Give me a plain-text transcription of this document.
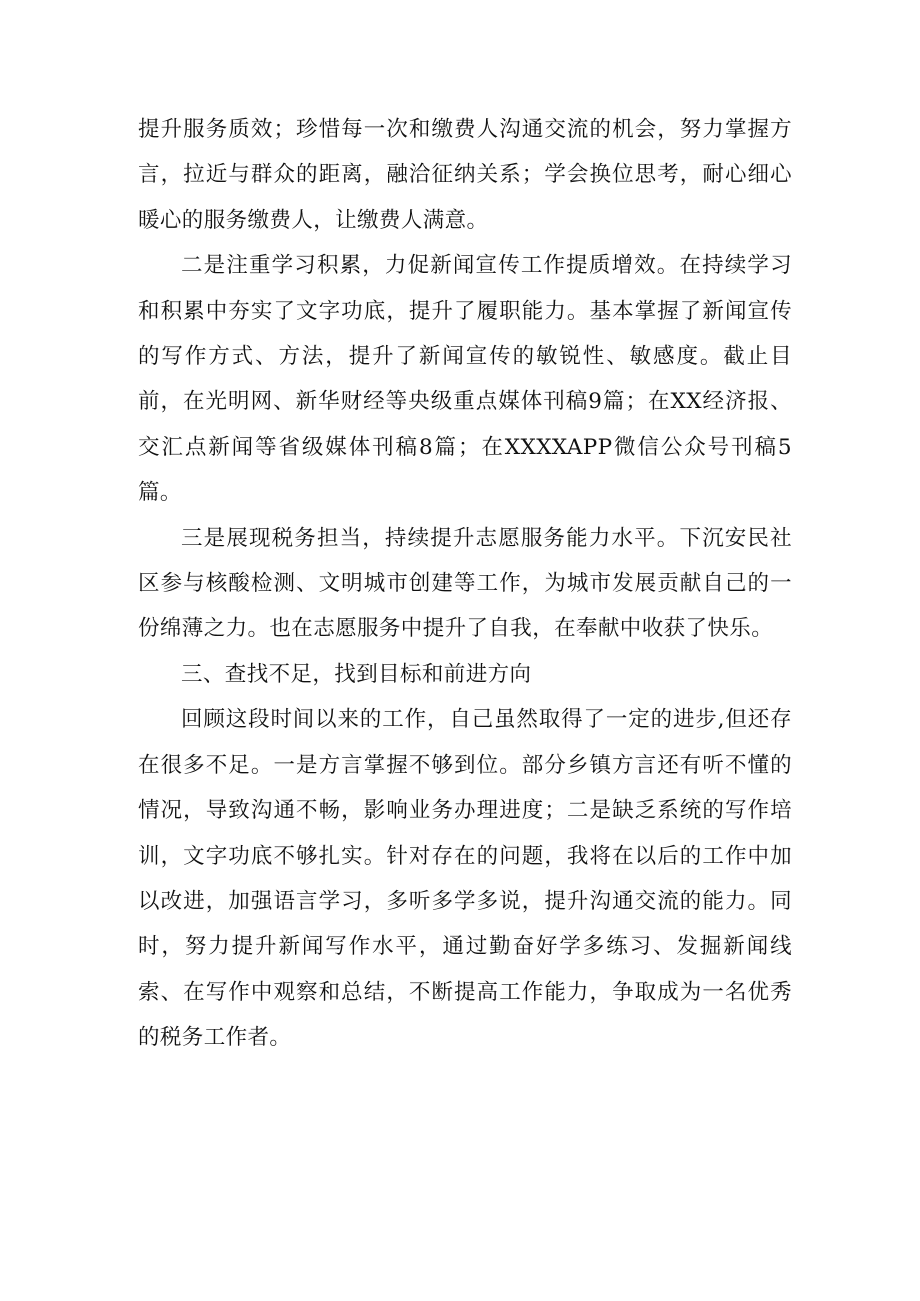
提升服务质效；珍惜每一次和缴费人沟通交流的机会，努力掌握方言，拉近与群众的距离，融洽征纳关系；学会换位思考，耐心细心暖心的服务缴费人，让缴费人满意。

二是注重学习积累，力促新闻宣传工作提质增效。在持续学习和积累中夯实了文字功底，提升了履职能力。基本掌握了新闻宣传的写作方式、方法，提升了新闻宣传的敏锐性、敏感度。截止目前，在光明网、新华财经等央级重点媒体刊稿9篇；在XX经济报、交汇点新闻等省级媒体刊稿8篇；在XXXXAPP微信公众号刊稿5篇。

三是展现税务担当，持续提升志愿服务能力水平。下沉安民社区参与核酸检测、文明城市创建等工作，为城市发展贡献自己的一份绵薄之力。也在志愿服务中提升了自我，在奉献中收获了快乐。

三、查找不足，找到目标和前进方向

回顾这段时间以来的工作，自己虽然取得了一定的进步,但还存在很多不足。一是方言掌握不够到位。部分乡镇方言还有听不懂的情况，导致沟通不畅，影响业务办理进度；二是缺乏系统的写作培训，文字功底不够扎实。针对存在的问题，我将在以后的工作中加以改进，加强语言学习，多听多学多说，提升沟通交流的能力。同时，努力提升新闻写作水平，通过勤奋好学多练习、发掘新闻线索、在写作中观察和总结，不断提高工作能力，争取成为一名优秀的税务工作者。
